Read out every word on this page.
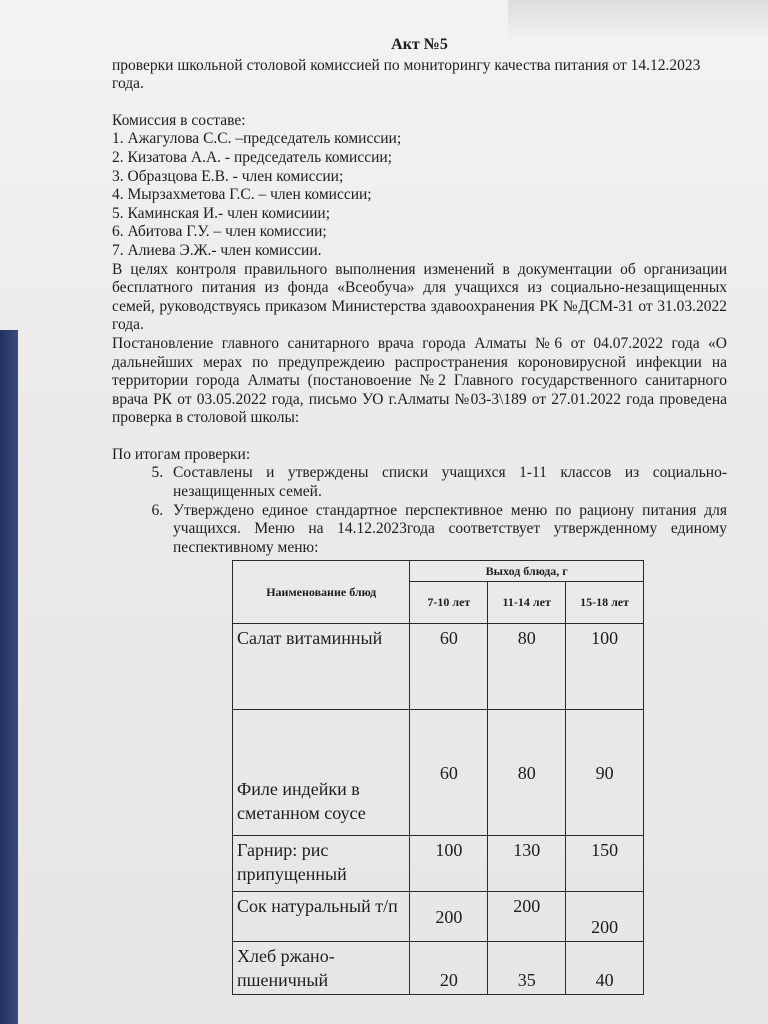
Акт №5

проверки школьной столовой комиссией по мониторингу качества питания от 14.12.2023 года.

Комиссия в составе:

1. Ажагулова С.С. –председатель комиссии;

2. Кизатова А.А. - председатель комиссии;

3. Образцова Е.В. - член комиссии;

4. Мырзахметова Г.С. – член комиссии;

5. Каминская И.- член комисиии;

6. Абитова Г.У. – член комиссии;

7. Алиева Э.Ж.- член комиссии.

В целях контроля правильного выполнения изменений в документации об организации бесплатного питания из фонда «Всеобуча» для учащихся из социально-незащищенных семей, руководствуясь приказом Министерства здавоохранения РК №ДСМ-31 от 31.03.2022 года.

Постановление главного санитарного врача города Алматы №6 от 04.07.2022 года «О дальнейших мерах по предупреждеию распространения короновирусной инфекции на территории города Алматы (постановоение №2 Главного государственного санитарного врача РК от 03.05.2022 года, письмо УО г.Алматы №03-3\189 от 27.01.2022 года проведена проверка в столовой школы:

По итогам проверки:

5. Составлены и утверждены списки учащихся 1-11 классов из социально-незащищенных семей.
6. Утверждено единое стандартное перспективное меню по рациону питания для учащихся. Меню на 14.12.2023года соответствует утвержденному единому песпективному меню:
Наименование блюд	Выход блюда, г		
	7-10 лет	11-14 лет	15-18 лет
Салат витаминный	60	80	100
Филе индейки в сметанном соусе	60	80	90
Гарнир: рис припущенный	100	130	150
Сок натуральный т/п	200	200	200
Хлеб ржано-пшеничный	20	35	40
